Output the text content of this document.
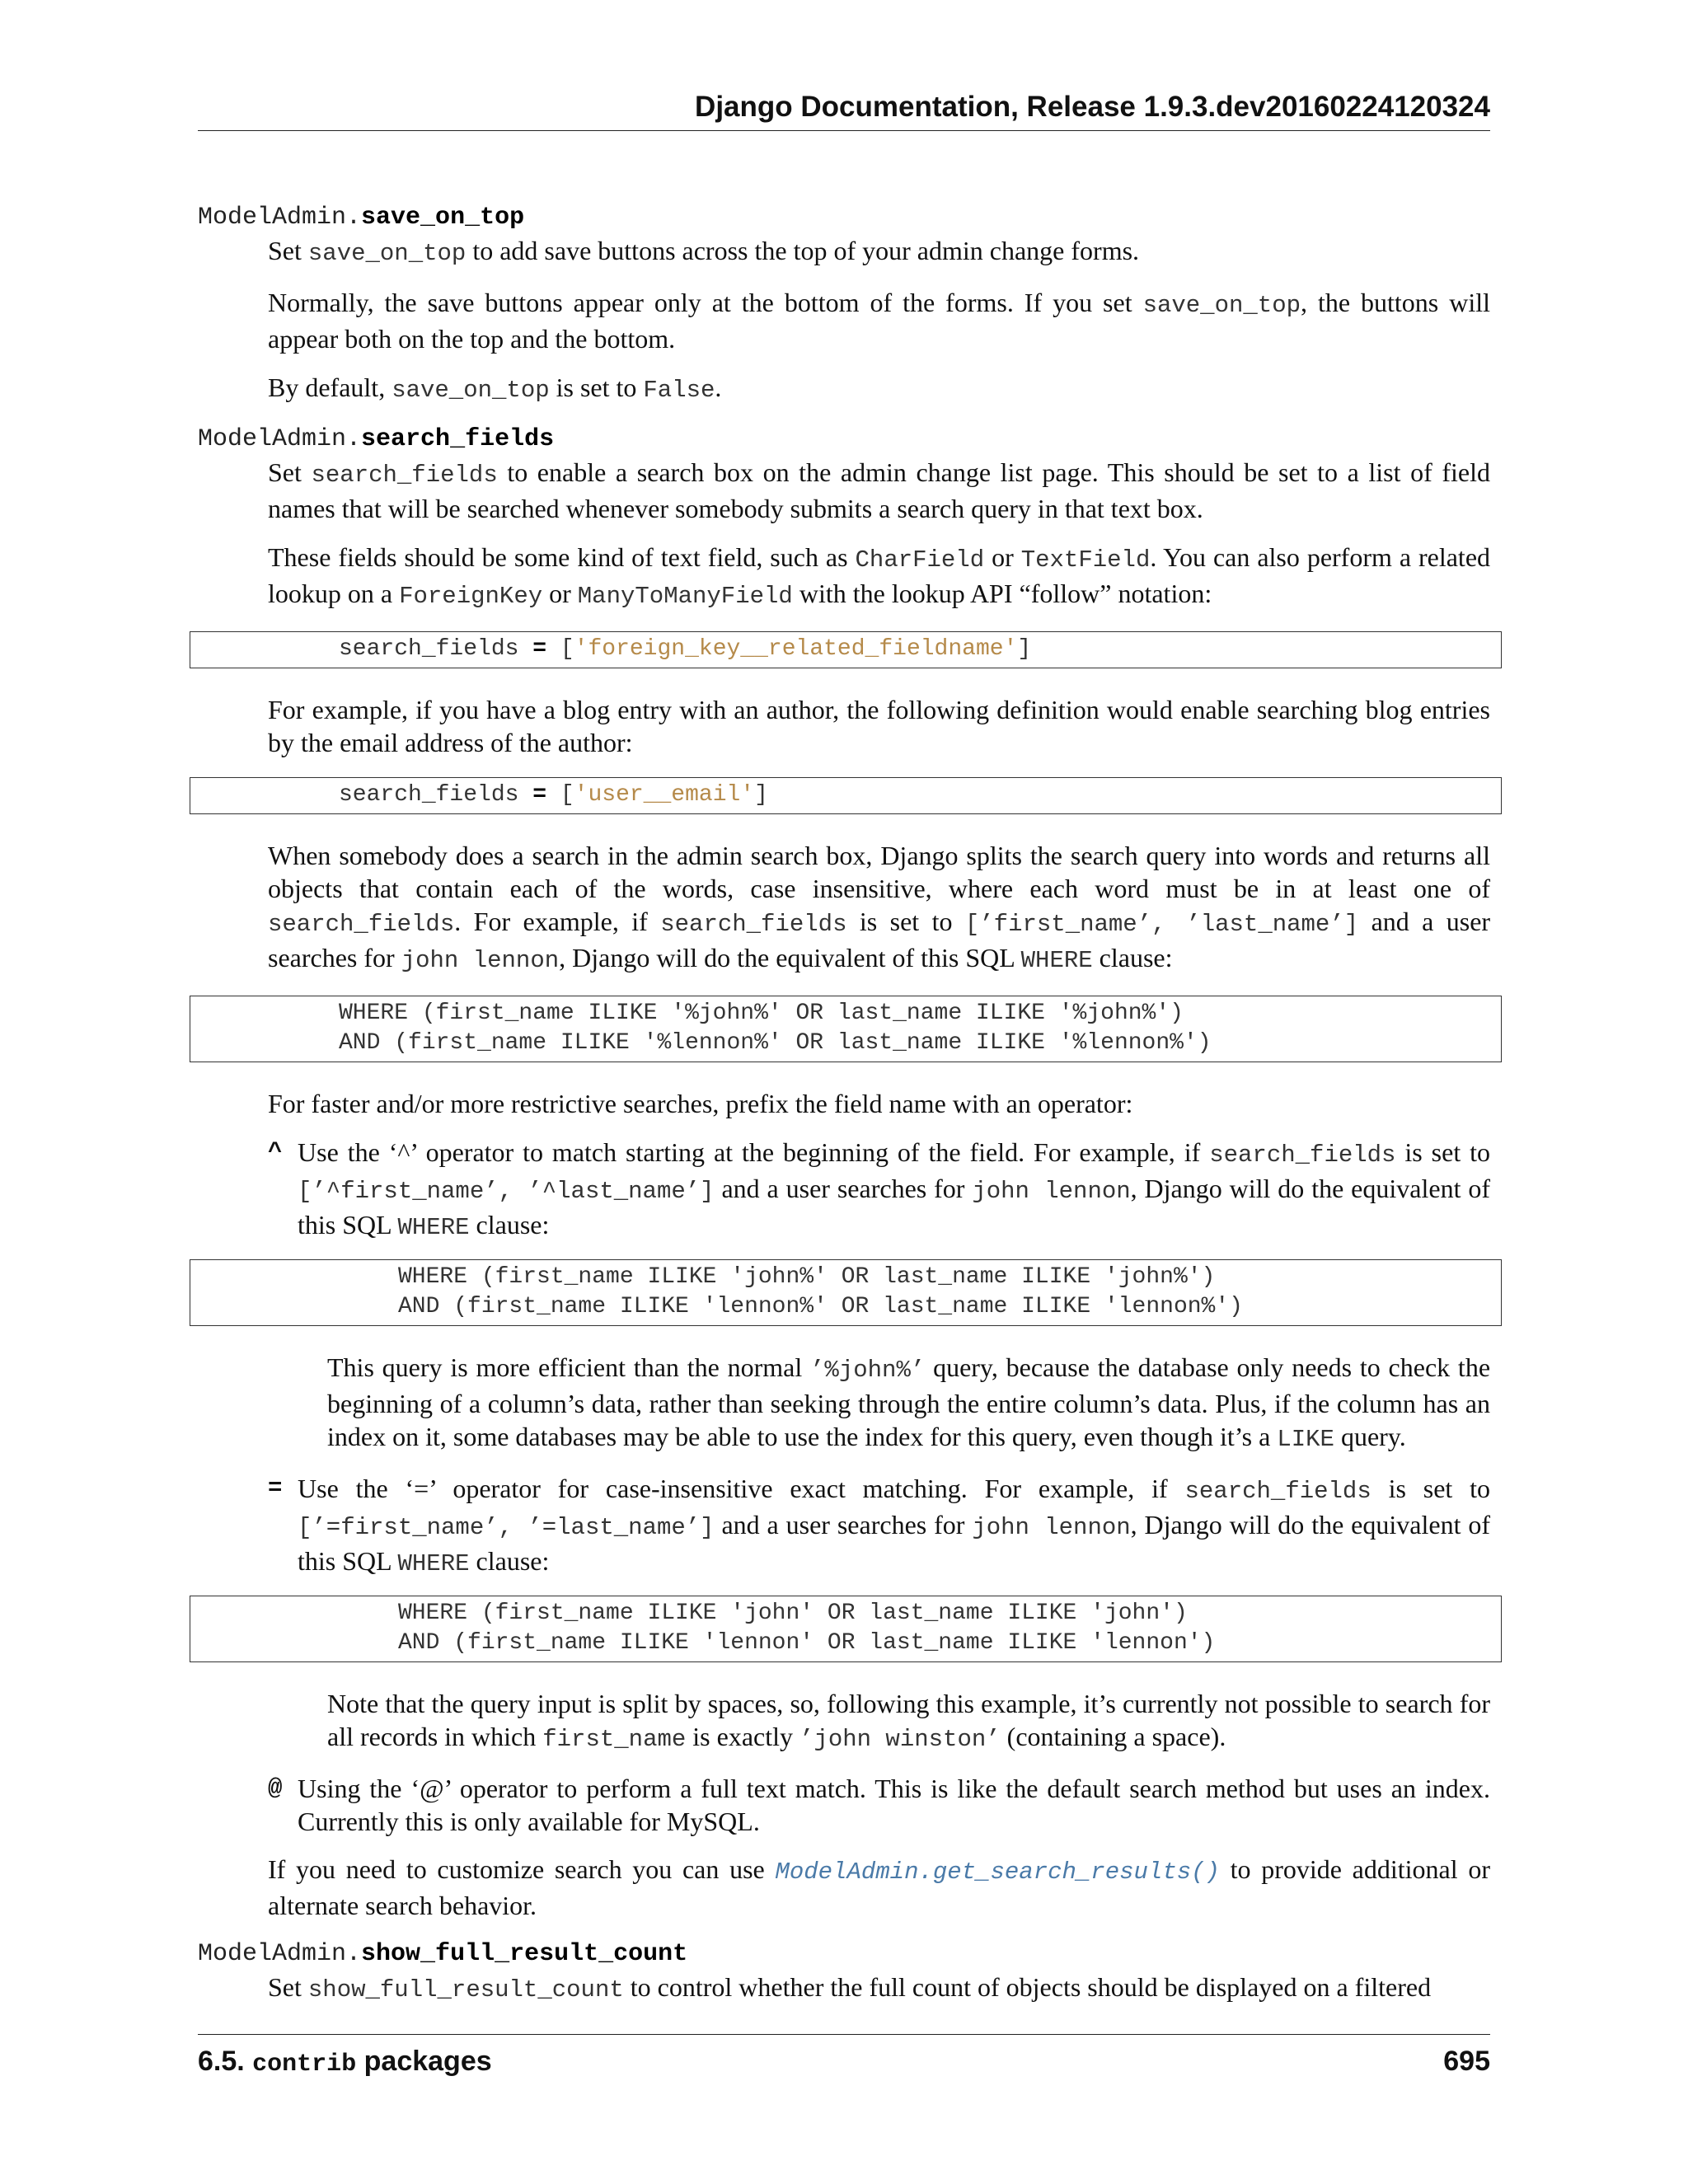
Django Documentation, Release 1.9.3.dev20160224120324
ModelAdmin.save_on_top

Set save_on_top to add save buttons across the top of your admin change forms.

Normally, the save buttons appear only at the bottom of the forms. If you set save_on_top, the buttons will appear both on the top and the bottom.

By default, save_on_top is set to False.

ModelAdmin.search_fields

Set search_fields to enable a search box on the admin change list page. This should be set to a list of field names that will be searched whenever somebody submits a search query in that text box.

These fields should be some kind of text field, such as CharField or TextField. You can also perform a related lookup on a ForeignKey or ManyToManyField with the lookup API “follow” notation:

search_fields = ['foreign_key__related_fieldname']

For example, if you have a blog entry with an author, the following definition would enable searching blog entries by the email address of the author:

search_fields = ['user__email']

When somebody does a search in the admin search box, Django splits the search query into words and returns all objects that contain each of the words, case insensitive, where each word must be in at least one of search_fields. For example, if search_fields is set to [’first_name’, ’last_name’] and a user searches for john lennon, Django will do the equivalent of this SQL WHERE clause:

WHERE (first_name ILIKE '%john%' OR last_name ILIKE '%john%')
AND (first_name ILIKE '%lennon%' OR last_name ILIKE '%lennon%')

For faster and/or more restrictive searches, prefix the field name with an operator:

^ Use the ‘^’ operator to match starting at the beginning of the field. For example, if search_fields is set to [’^first_name’, ’^last_name’] and a user searches for john lennon, Django will do the equivalent of this SQL WHERE clause:
WHERE (first_name ILIKE 'john%' OR last_name ILIKE 'john%')
AND (first_name ILIKE 'lennon%' OR last_name ILIKE 'lennon%')

This query is more efficient than the normal ’%john%’ query, because the database only needs to check the beginning of a column’s data, rather than seeking through the entire column’s data. Plus, if the column has an index on it, some databases may be able to use the index for this query, even though it’s a LIKE query.

= Use the ‘=’ operator for case-insensitive exact matching. For example, if search_fields is set to [’=first_name’, ’=last_name’] and a user searches for john lennon, Django will do the equivalent of this SQL WHERE clause:
WHERE (first_name ILIKE 'john' OR last_name ILIKE 'john')
AND (first_name ILIKE 'lennon' OR last_name ILIKE 'lennon')

Note that the query input is split by spaces, so, following this example, it’s currently not possible to search for all records in which first_name is exactly ’john winston’ (containing a space).

@ Using the ‘@’ operator to perform a full text match. This is like the default search method but uses an index. Currently this is only available for MySQL.

If you need to customize search you can use ModelAdmin.get_search_results() to provide additional or alternate search behavior.

ModelAdmin.show_full_result_count

Set show_full_result_count to control whether the full count of objects should be displayed on a filtered

6.5. contrib packages	695
